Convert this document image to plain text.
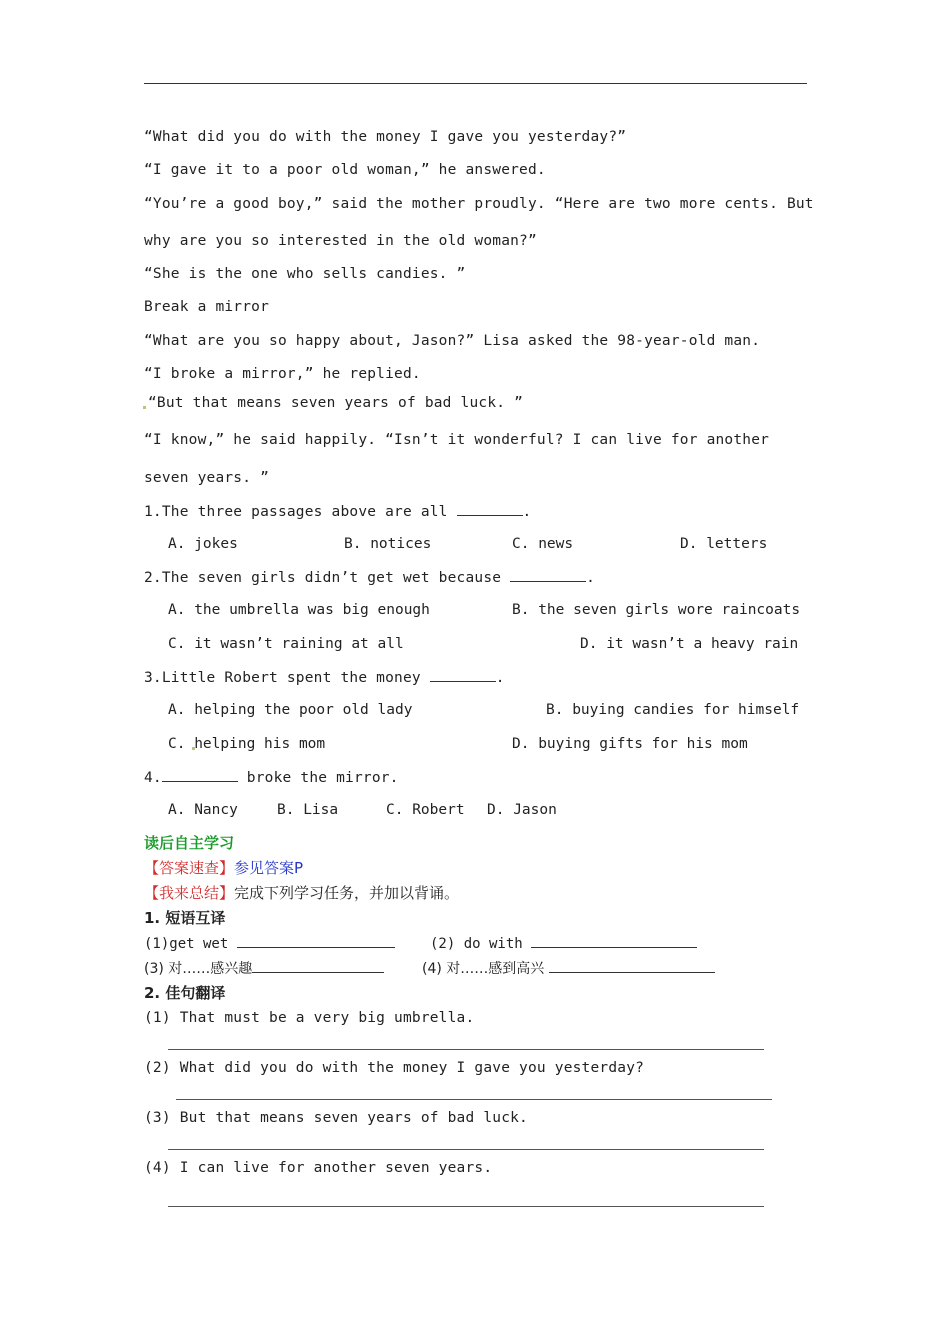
“What did you do with the money I gave you yesterday?”
“I gave it to a poor old woman,” he answered.
“You’re a good boy,” said the mother proudly. “Here are two more cents. But
why are you so interested in the old woman?”
“She is the one who sells candies. ”
Break a mirror
“What are you so happy about, Jason?” Lisa asked the 98-year-old man.
“I broke a mirror,” he replied.
“But that means seven years of bad luck. ”
“I know,” he said happily. “Isn’t it wonderful? I can live for another
seven years. ”
1.The three passages above are all	.
A. jokes	B. notices	C. news	D. letters
2.The seven girls didn’t get wet because	.
A. the umbrella was big enough	B. the seven girls wore raincoats
C. it wasn’t raining at all	D. it wasn’t a heavy rain
3.Little Robert spent the money	.
A. helping the poor old lady	B. buying candies for himself
C. helping his mom	D. buying gifts for his mom
4.	broke the mirror.
A. Nancy	B. Lisa	C. Robert D. Jason
读后自主学习
【答案速查】参见答案P
【我来总结】完成下列学习任务，并加以背诵。
1. 短语互译
(1)get wet	(2) do with
(3) 对……感兴趣	(4) 对……感到高兴
2. 佳句翻译
(1) That must be a very big umbrella.
(2) What did you do with the money I gave you yesterday?
(3) But that means seven years of bad luck.
(4) I can live for another seven years.
